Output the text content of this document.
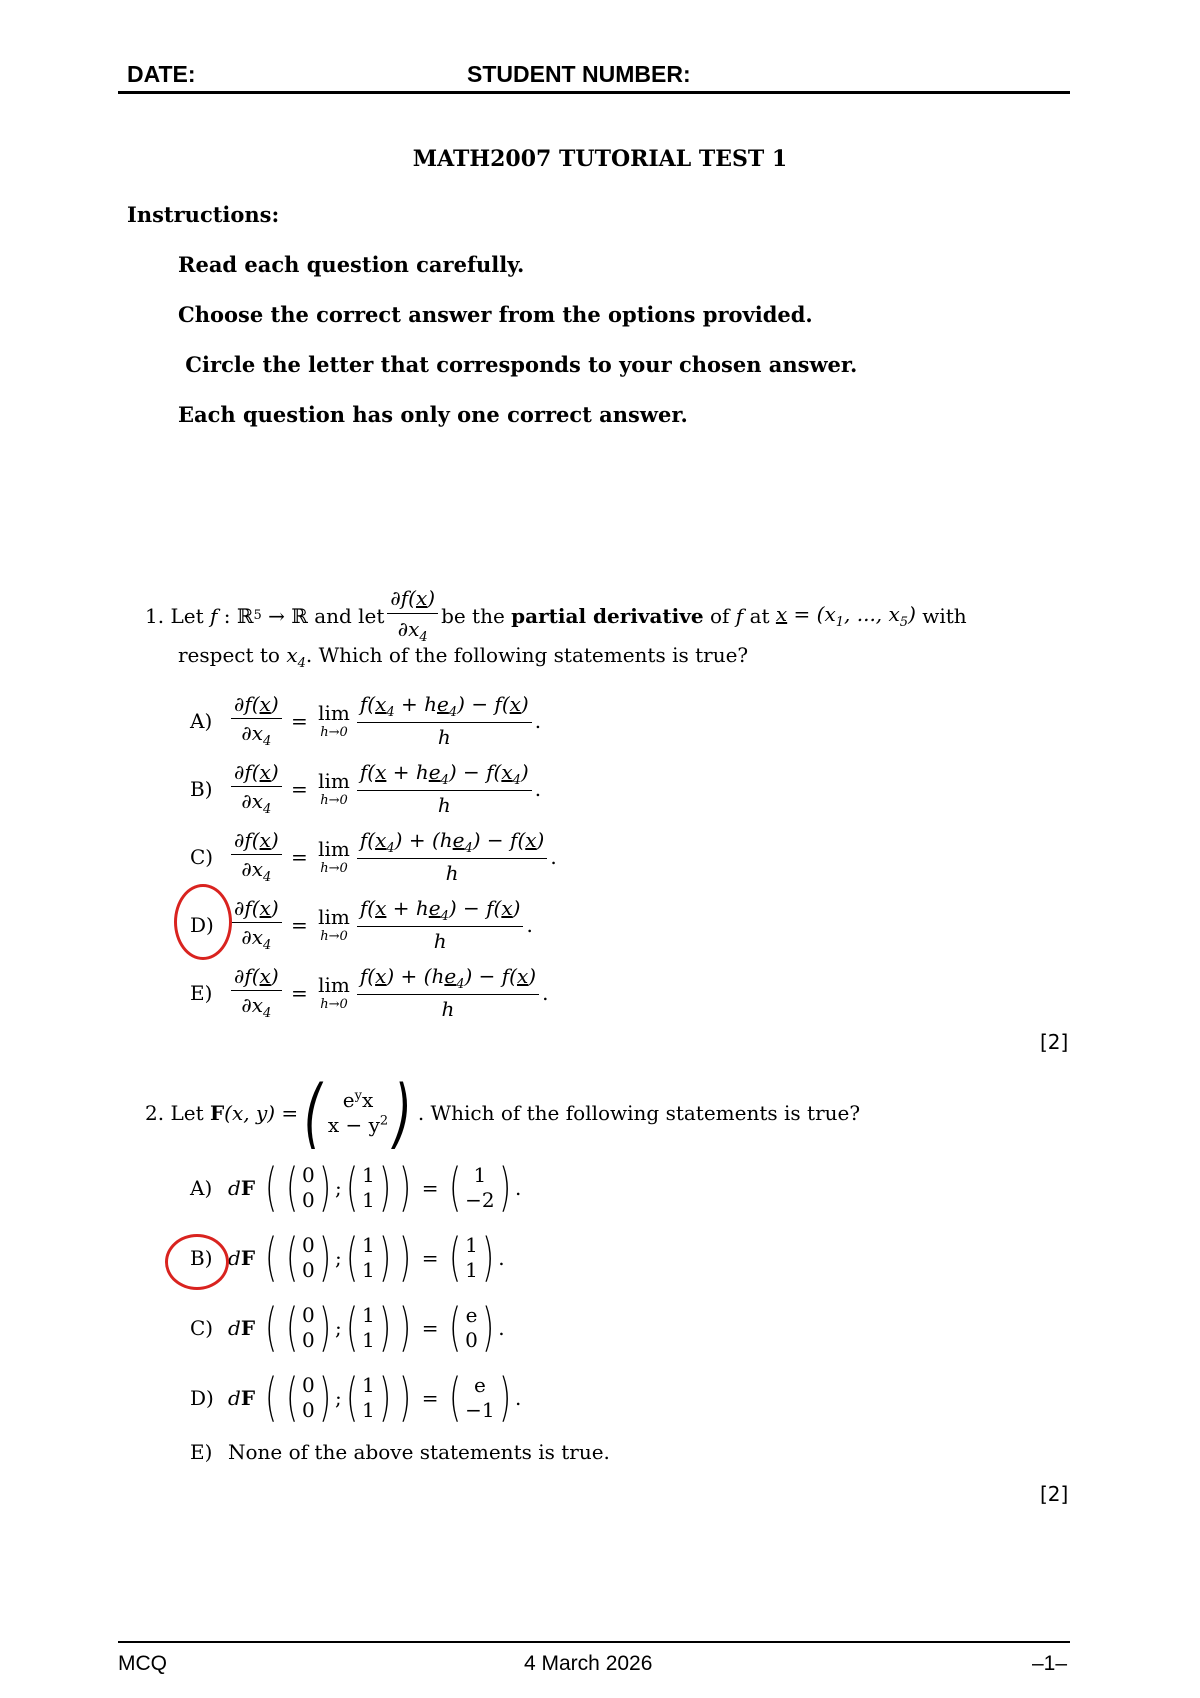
DATE:	STUDENT NUMBER:
MATH2007 TUTORIAL TEST 1
Instructions:
Read each question carefully.
Choose the correct answer from the options provided.
Circle the letter that corresponds to your chosen answer.
Each question has only one correct answer.
1.
Let
f : ℝ 5 → ℝ and let $\frac{\partial f(x)}{\partial x_4}$ be the
partial derivative
of
f
at
$x = (x_1$, ..., $x_5$)
with
respect to $x_4$. Which of the following statements is true?
$A) \frac{\partial f(x)}{\partial x_4} = \lim$
$h\to 0 \frac{f(x_4 + he_4) - f(x)}{h}$ .
$B) \frac{\partial f(x)}{\partial x_4} = \lim$
$h\to 0 \frac{f(x + he_4) - f(x_4)}{h}$ .
$C) \frac{\partial f(x)}{\partial x_4} = \lim$
$h\to 0 \frac{f(x_4) + (he_4) - f(x)}{h}$ .
$D) \frac{\partial f(x)}{\partial x_4} = \lim$
$h\to 0 \frac{f(x + he_4) - f(x)}{h}$ .
$E) \frac{\partial f(x)}{\partial x_4} = \lim$
$h\to 0 \frac{f(x) + (he_4) - f(x)}{h}$ .
[2]
2.
Let
F(x, y) = ( $e^yx$
$x - y^2$ ) . Which of the following statements is true?
A) dF
( ( 0
0 ) ; ( 1
1 ) ) = ( 1
−2 ) .
B) dF
( ( 0
0 ) ; ( 1
1 ) ) = ( 1
1 ) .
C) dF
( ( 0
0 ) ; ( 1
1 ) ) = ( e
0 ) .
D) dF
( ( 0
0 ) ; ( 1
1 ) ) = ( e
−1 ) .
E) None of the above statements is true.
[2]
MCQ	4 March 2026	–1–
